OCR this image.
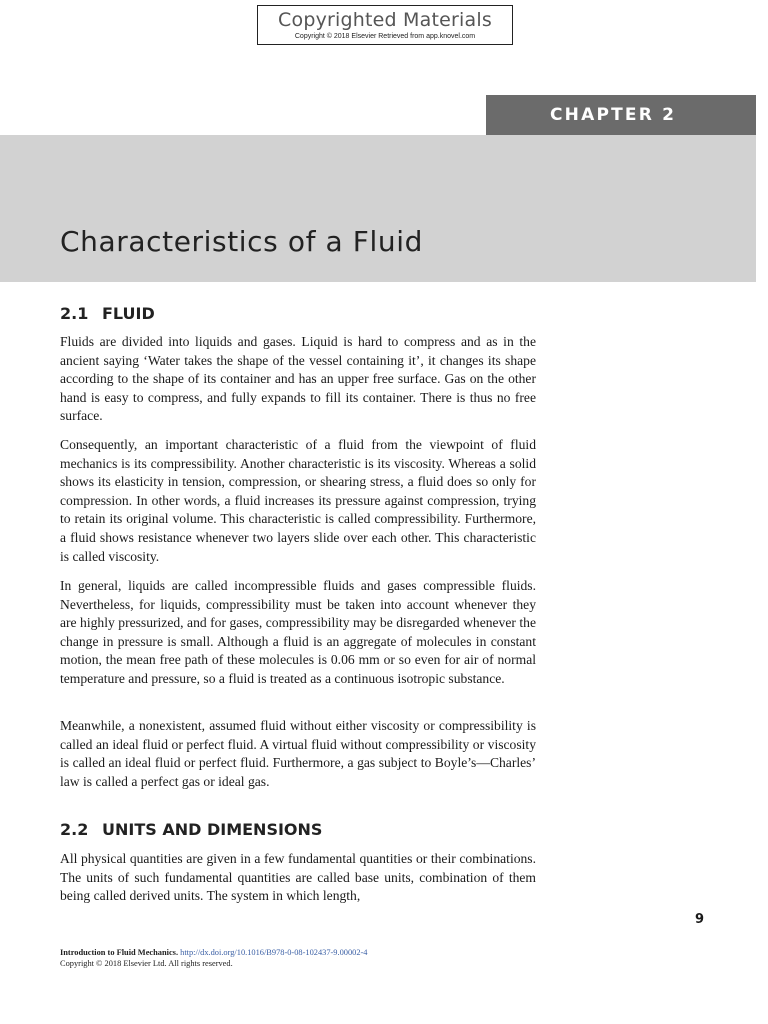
Copyrighted Materials
Copyright © 2018 Elsevier Retrieved from app.knovel.com
CHAPTER 2
Characteristics of a Fluid
2.1 FLUID

Fluids are divided into liquids and gases. Liquid is hard to compress and as in the ancient saying ‘Water takes the shape of the vessel containing it’, it changes its shape according to the shape of its container and has an upper free surface. Gas on the other hand is easy to compress, and fully expands to fill its container. There is thus no free surface.

Consequently, an important characteristic of a fluid from the viewpoint of fluid mechanics is its compressibility. Another characteristic is its viscosity. Whereas a solid shows its elasticity in tension, compression, or shearing stress, a fluid does so only for compression. In other words, a fluid increases its pressure against compression, trying to retain its original volume. This characteristic is called compressibility. Furthermore, a fluid shows resistance whenever two layers slide over each other. This characteristic is called viscosity.

In general, liquids are called incompressible fluids and gases compressible fluids. Nevertheless, for liquids, compressibility must be taken into account whenever they are highly pressurized, and for gases, compressibility may be disregarded whenever the change in pressure is small. Although a fluid is an aggregate of molecules in constant motion, the mean free path of these molecules is 0.06 mm or so even for air of normal temperature and pressure, so a fluid is treated as a continuous isotropic substance.

Meanwhile, a nonexistent, assumed fluid without either viscosity or compressibility is called an ideal fluid or perfect fluid. A virtual fluid without compressibility or viscosity is called an ideal fluid or perfect fluid. Furthermore, a gas subject to Boyle’s—Charles’ law is called a perfect gas or ideal gas.

2.2 UNITS AND DIMENSIONS

All physical quantities are given in a few fundamental quantities or their combinations. The units of such fundamental quantities are called base units, combination of them being called derived units. The system in which length,

9
Introduction to Fluid Mechanics. http://dx.doi.org/10.1016/B978-0-08-102437-9.00002-4
Copyright © 2018 Elsevier Ltd. All rights reserved.
